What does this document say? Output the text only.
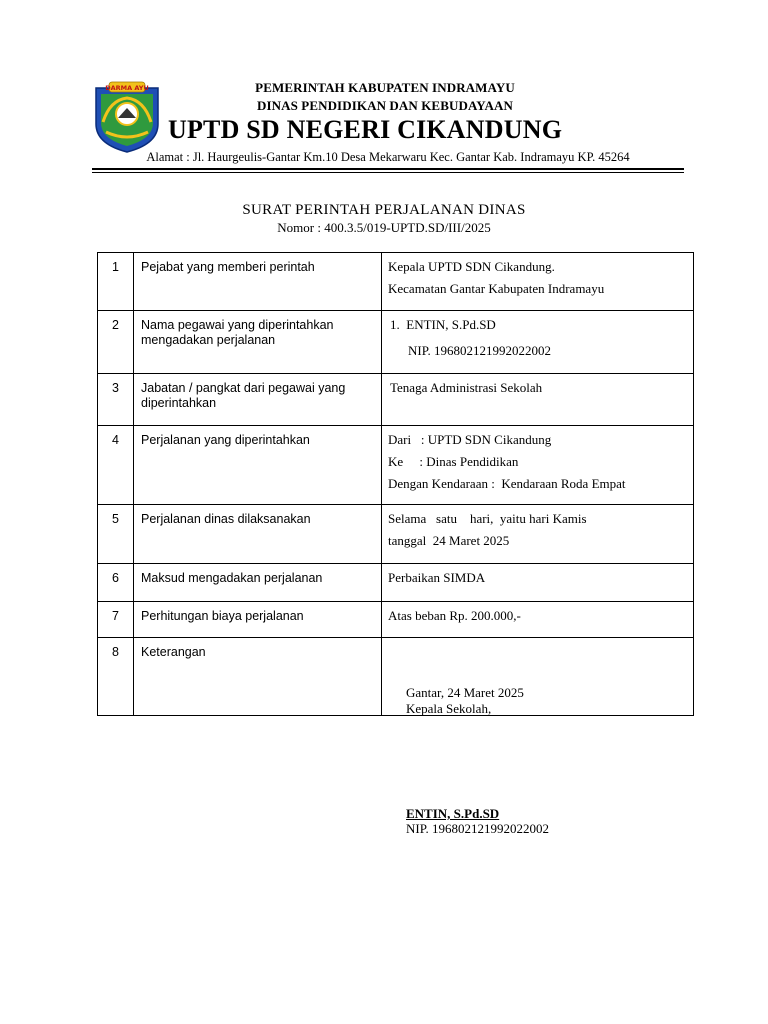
DARMA AYU	PEMERINTAH KABUPATEN INDRAMAYU
DINAS PENDIDIKAN DAN KEBUDAYAAN
UPTD SD NEGERI CIKANDUNG
Alamat : Jl. Haurgeulis-Gantar Km.10 Desa Mekarwaru Kec. Gantar Kab. Indramayu KP. 45264
SURAT PERINTAH PERJALANAN DINAS
Nomor : 400.3.5/019-UPTD.SD/III/2025
1	Pejabat yang memberi perintah	Kepala UPTD SDN Cikandung.
Kecamatan Gantar Kabupaten Indramayu

2	Nama pegawai yang diperintahkan mengadakan perjalanan	1.  ENTIN, S.Pd.SD
NIP. 196802121992022002

3	Jabatan / pangkat dari pegawai yang diperintahkan	Tenaga Administrasi Sekolah

4	Perjalanan yang diperintahkan	Dari   : UPTD SDN Cikandung
Ke     : Dinas Pendidikan
Dengan Kendaraan :  Kendaraan Roda Empat

5	Perjalanan dinas dilaksanakan	Selama   satu    hari,  yaitu hari Kamis
tanggal  24 Maret 2025

6	Maksud mengadakan perjalanan	Perbaikan SIMDA

7	Perhitungan biaya perjalanan	Atas beban Rp. 200.000,-

8	Keterangan	
Gantar, 24 Maret 2025
Kepala Sekolah,
ENTIN, S.Pd.SD
NIP. 196802121992022002
